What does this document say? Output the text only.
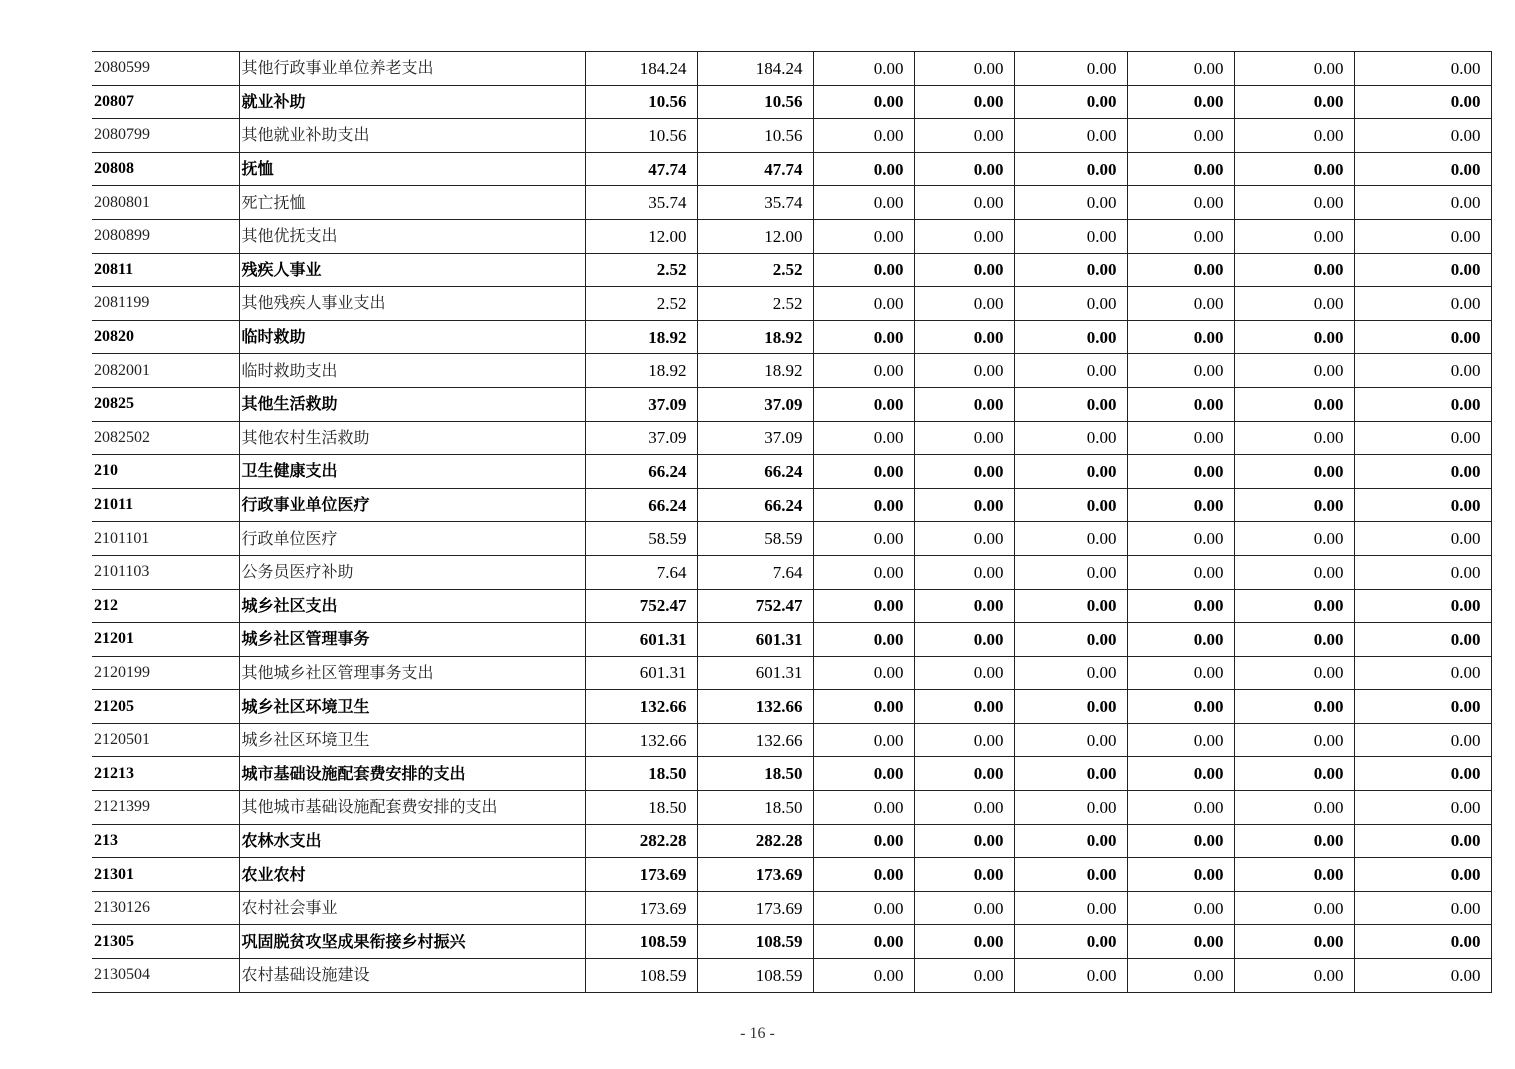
2080599	其他行政事业单位养老支出	184.24	184.24	0.00	0.00	0.00	0.00	0.00	0.00
20807	就业补助	10.56	10.56	0.00	0.00	0.00	0.00	0.00	0.00
2080799	其他就业补助支出	10.56	10.56	0.00	0.00	0.00	0.00	0.00	0.00
20808	抚恤	47.74	47.74	0.00	0.00	0.00	0.00	0.00	0.00
2080801	死亡抚恤	35.74	35.74	0.00	0.00	0.00	0.00	0.00	0.00
2080899	其他优抚支出	12.00	12.00	0.00	0.00	0.00	0.00	0.00	0.00
20811	残疾人事业	2.52	2.52	0.00	0.00	0.00	0.00	0.00	0.00
2081199	其他残疾人事业支出	2.52	2.52	0.00	0.00	0.00	0.00	0.00	0.00
20820	临时救助	18.92	18.92	0.00	0.00	0.00	0.00	0.00	0.00
2082001	临时救助支出	18.92	18.92	0.00	0.00	0.00	0.00	0.00	0.00
20825	其他生活救助	37.09	37.09	0.00	0.00	0.00	0.00	0.00	0.00
2082502	其他农村生活救助	37.09	37.09	0.00	0.00	0.00	0.00	0.00	0.00
210	卫生健康支出	66.24	66.24	0.00	0.00	0.00	0.00	0.00	0.00
21011	行政事业单位医疗	66.24	66.24	0.00	0.00	0.00	0.00	0.00	0.00
2101101	行政单位医疗	58.59	58.59	0.00	0.00	0.00	0.00	0.00	0.00
2101103	公务员医疗补助	7.64	7.64	0.00	0.00	0.00	0.00	0.00	0.00
212	城乡社区支出	752.47	752.47	0.00	0.00	0.00	0.00	0.00	0.00
21201	城乡社区管理事务	601.31	601.31	0.00	0.00	0.00	0.00	0.00	0.00
2120199	其他城乡社区管理事务支出	601.31	601.31	0.00	0.00	0.00	0.00	0.00	0.00
21205	城乡社区环境卫生	132.66	132.66	0.00	0.00	0.00	0.00	0.00	0.00
2120501	城乡社区环境卫生	132.66	132.66	0.00	0.00	0.00	0.00	0.00	0.00
21213	城市基础设施配套费安排的支出	18.50	18.50	0.00	0.00	0.00	0.00	0.00	0.00
2121399	其他城市基础设施配套费安排的支出	18.50	18.50	0.00	0.00	0.00	0.00	0.00	0.00
213	农林水支出	282.28	282.28	0.00	0.00	0.00	0.00	0.00	0.00
21301	农业农村	173.69	173.69	0.00	0.00	0.00	0.00	0.00	0.00
2130126	农村社会事业	173.69	173.69	0.00	0.00	0.00	0.00	0.00	0.00
21305	巩固脱贫攻坚成果衔接乡村振兴	108.59	108.59	0.00	0.00	0.00	0.00	0.00	0.00
2130504	农村基础设施建设	108.59	108.59	0.00	0.00	0.00	0.00	0.00	0.00
- 16 -
